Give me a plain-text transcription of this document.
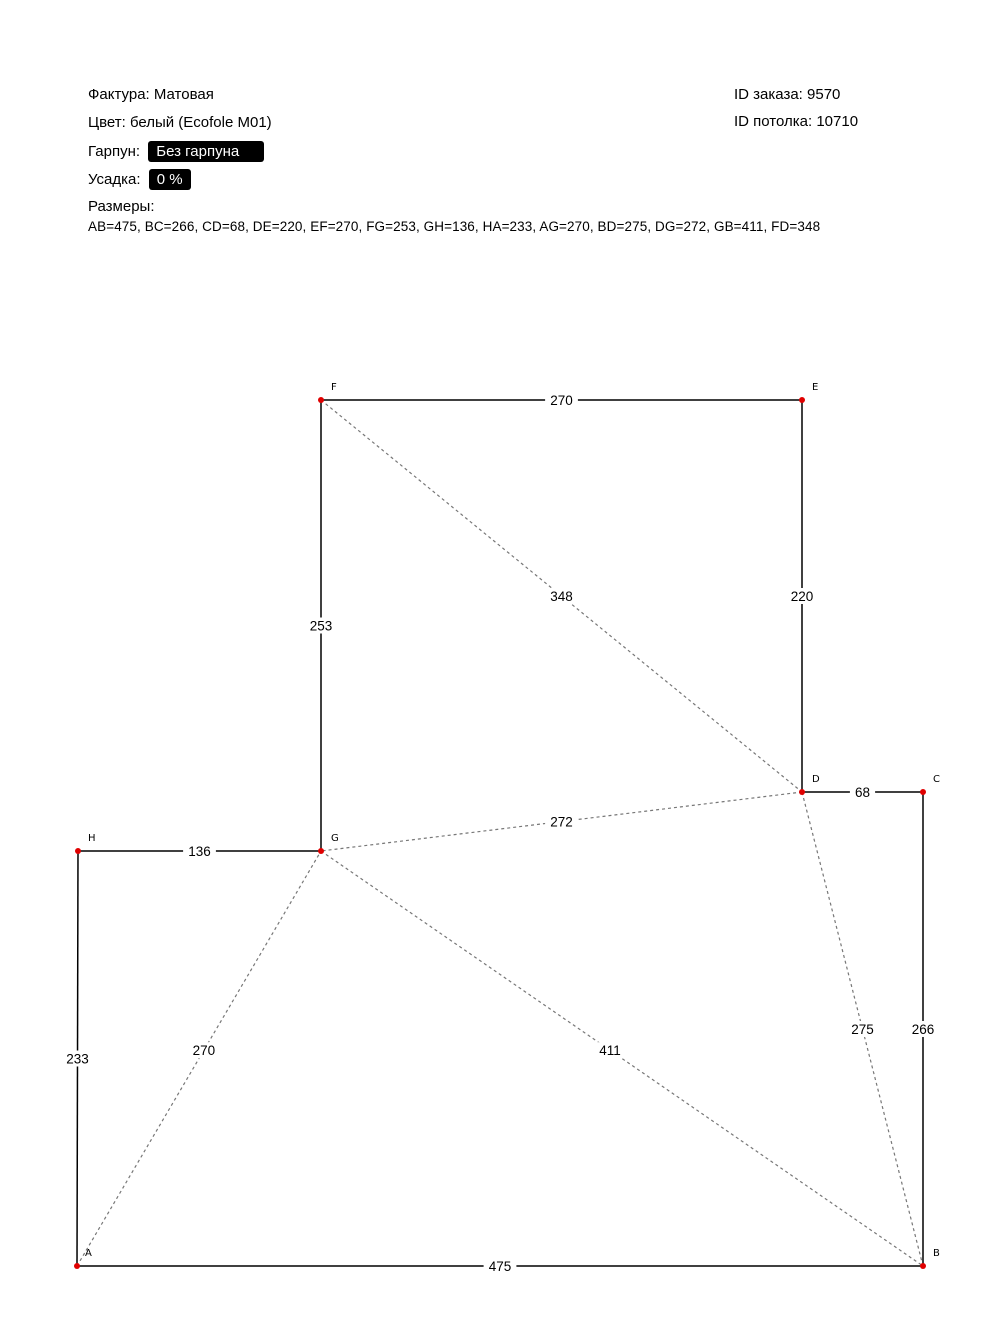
Фактура: Матовая
Цвет: белый (Ecofole M01)
Гарпун: Без гарпуна
Усадка: 0 %
Размеры:
AB=475, BC=266, CD=68, DE=220, EF=270, FG=253, GH=136, HA=233, AG=270, BD=275, DG=272, GB=411, FD=348
ID заказа: 9570
ID потолка: 10710
270
275
272
411
348
475
266
68
220
270
253
136
233
A	B
C
D
E
F
G
H
